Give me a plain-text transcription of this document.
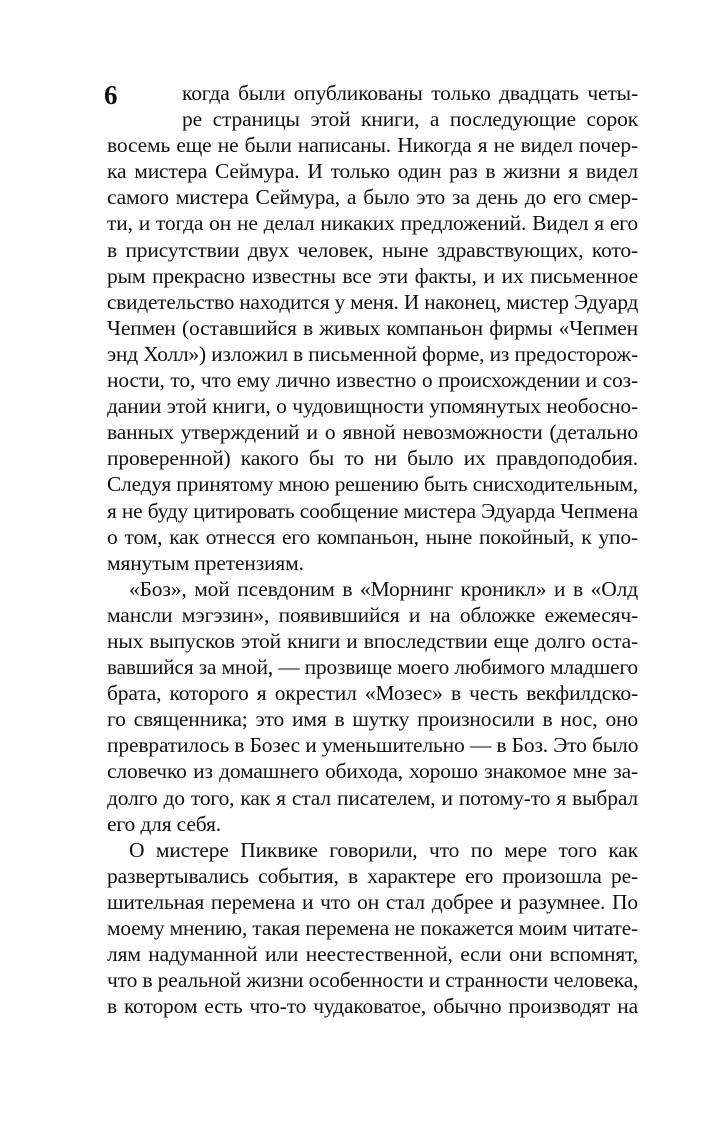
6	когда были опубликованы только двадцать четы-
ре страницы этой книги, а последующие сорок
восемь еще не были написаны. Никогда я не видел почер-
ка мистера Сеймура. И только один раз в жизни я видел
самого мистера Сеймура, а было это за день до его смер-
ти, и тогда он не делал никаких предложений. Видел я его
в присутствии двух человек, ныне здравствующих, кото-
рым прекрасно известны все эти факты, и их письменное
свидетельство находится у меня. И наконец, мистер Эдуард
Чепмен (оставшийся в живых компаньон фирмы «Чепмен
энд Холл») изложил в письменной форме, из предосторож-
ности, то, что ему лично известно о происхождении и соз-
дании этой книги, о чудовищности упомянутых необосно-
ванных утверждений и о явной невозможности (детально
проверенной) какого бы то ни было их правдоподобия.
Следуя принятому мною решению быть снисходительным,
я не буду цитировать сообщение мистера Эдуарда Чепмена
о том, как отнесся его компаньон, ныне покойный, к упо-
мянутым претензиям.
«Боз», мой псевдоним в «Морнинг кроникл» и в «Олд
мансли мэгэзин», появившийся и на обложке ежемесяч-
ных выпусков этой книги и впоследствии еще долго оста-
вавшийся за мной, — прозвище моего любимого младшего
брата, которого я окрестил «Мозес» в честь векфилдско-
го священника; это имя в шутку произносили в нос, оно
превратилось в Бозес и уменьшительно — в Боз. Это было
словечко из домашнего обихода, хорошо знакомое мне за-
долго до того, как я стал писателем, и потому-то я выбрал
его для себя.
О мистере Пиквике говорили, что по мере того как
развертывались события, в характере его произошла ре-
шительная перемена и что он стал добрее и разумнее. По
моему мнению, такая перемена не покажется моим читате-
лям надуманной или неестественной, если они вспомнят,
что в реальной жизни особенности и странности человека,
в котором есть что-то чудаковатое, обычно производят на
